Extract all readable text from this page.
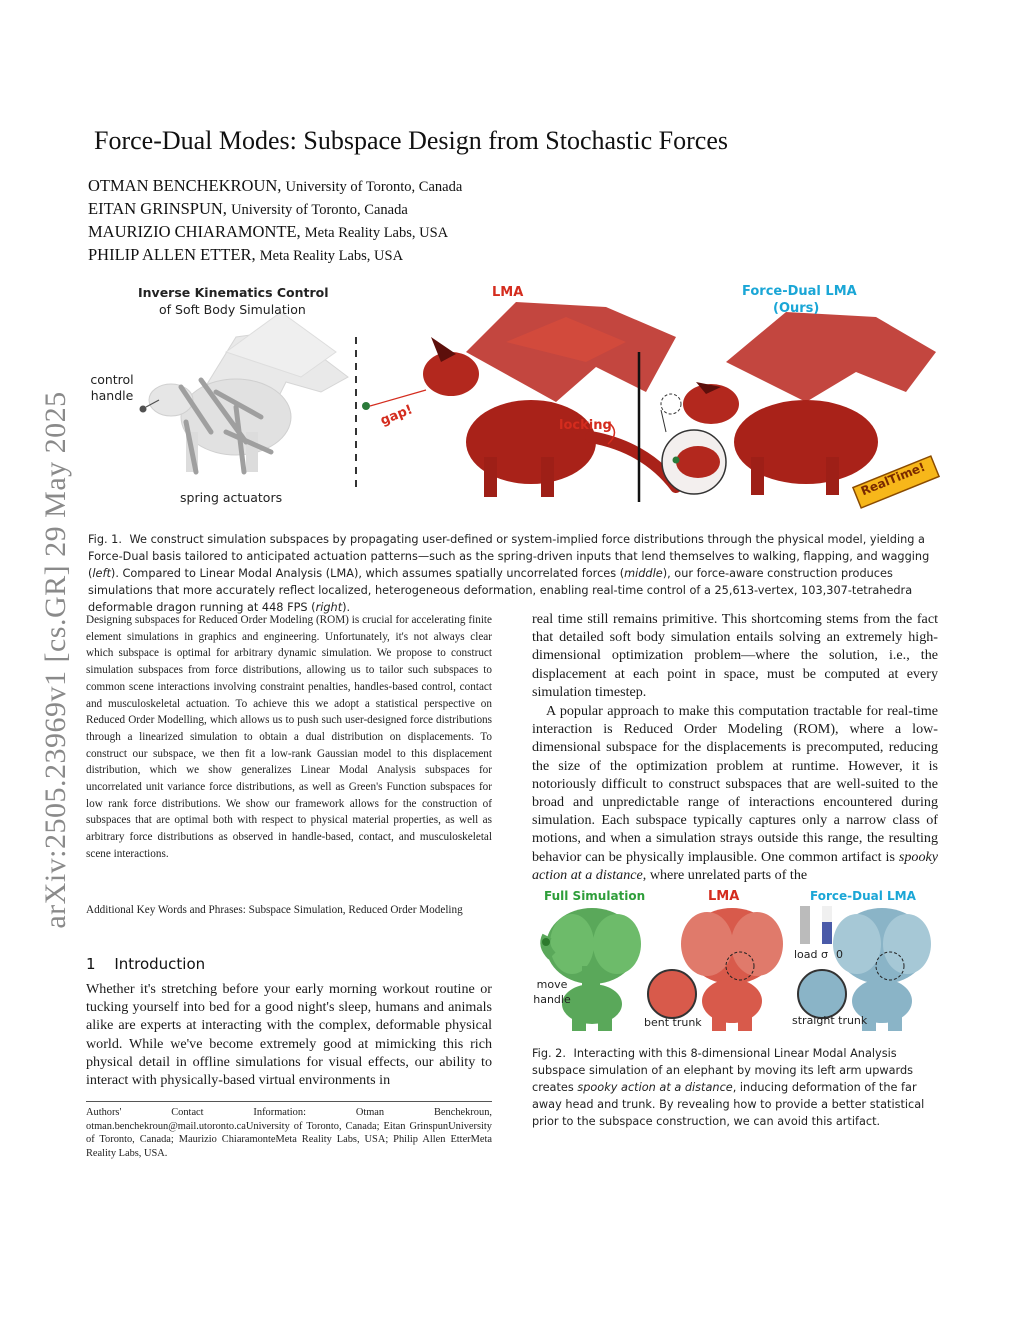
arXiv:2505.23969v1 [cs.GR] 29 May 2025
Force-Dual Modes: Subspace Design from Stochastic Forces
OTMAN BENCHEKROUN, University of Toronto, Canada
EITAN GRINSPUN, University of Toronto, Canada
MAURIZIO CHIARAMONTE, Meta Reality Labs, USA
PHILIP ALLEN ETTER, Meta Reality Labs, USA
Inverse Kinematics Control
of Soft Body Simulation
control handle
spring actuators
LMA
gap!	locking
Force-Dual LMA
(Ours)
RealTime!
Fig. 1. We construct simulation subspaces by propagating user-defined or system-implied force distributions through the physical model, yielding a Force-Dual basis tailored to anticipated actuation patterns—such as the spring-driven inputs that lend themselves to walking, flapping, and wagging (left). Compared to Linear Modal Analysis (LMA), which assumes spatially uncorrelated forces (middle), our force-aware construction produces simulations that more accurately reflect localized, heterogeneous deformation, enabling real-time control of a 25,613-vertex, 103,307-tetrahedra deformable dragon running at 448 FPS (right).
Designing subspaces for Reduced Order Modeling (ROM) is crucial for accelerating finite element simulations in graphics and engineering. Unfortunately, it's not always clear which subspace is optimal for arbitrary dynamic simulation. We propose to construct simulation subspaces from force distributions, allowing us to tailor such subspaces to common scene interactions involving constraint penalties, handles-based control, contact and musculoskeletal actuation. To achieve this we adopt a statistical perspective on Reduced Order Modelling, which allows us to push such user-designed force distributions through a linearized simulation to obtain a dual distribution on displacements. To construct our subspace, we then fit a low-rank Gaussian model to this displacement distribution, which we show generalizes Linear Modal Analysis subspaces for uncorrelated unit variance force distributions, as well as Green's Function subspaces for low rank force distributions. We show our framework allows for the construction of subspaces that are optimal both with respect to physical material properties, as well as arbitrary force distributions as observed in handle-based, contact, and musculoskeletal scene interactions.
Additional Key Words and Phrases: Subspace Simulation, Reduced Order Modeling
1 Introduction
Whether it's stretching before your early morning workout routine or tucking yourself into bed for a good night's sleep, humans and animals alike are experts at interacting with the complex, deformable physical world. While we've become extremely good at mimicking this rich physical detail in offline simulations for visual effects, our ability to interact with physically-based virtual environments in
Authors' Contact Information: Otman Benchekroun, otman.benchekroun@mail.utoronto.caUniversity of Toronto, Canada; Eitan GrinspunUniversity of Toronto, Canada; Maurizio ChiaramonteMeta Reality Labs, USA; Philip Allen EtterMeta Reality Labs, USA.
real time still remains primitive. This shortcoming stems from the fact that detailed soft body simulation entails solving an extremely high-dimensional optimization problem—where the solution, i.e., the displacement at each point in space, must be computed at every simulation timestep.
A popular approach to make this computation tractable for real-time interaction is Reduced Order Modeling (ROM), where a low-dimensional subspace for the displacements is precomputed, reducing the size of the optimization problem at runtime. However, it is notoriously difficult to construct subspaces that are well-suited to the broad and unpredictable range of interactions encountered during simulation. Each subspace typically captures only a narrow class of motions, and when a simulation strays outside this range, the resulting behavior can be physically implausible. One common artifact is spooky action at a distance, where unrelated parts of the
Full Simulation	LMA	Force-Dual LMA
move handle
bent trunk	straight trunk
load σ 0
Fig. 2. Interacting with this 8-dimensional Linear Modal Analysis subspace simulation of an elephant by moving its left arm upwards creates spooky action at a distance, inducing deformation of the far away head and trunk. By revealing how to provide a better statistical prior to the subspace construction, we can avoid this artifact.
